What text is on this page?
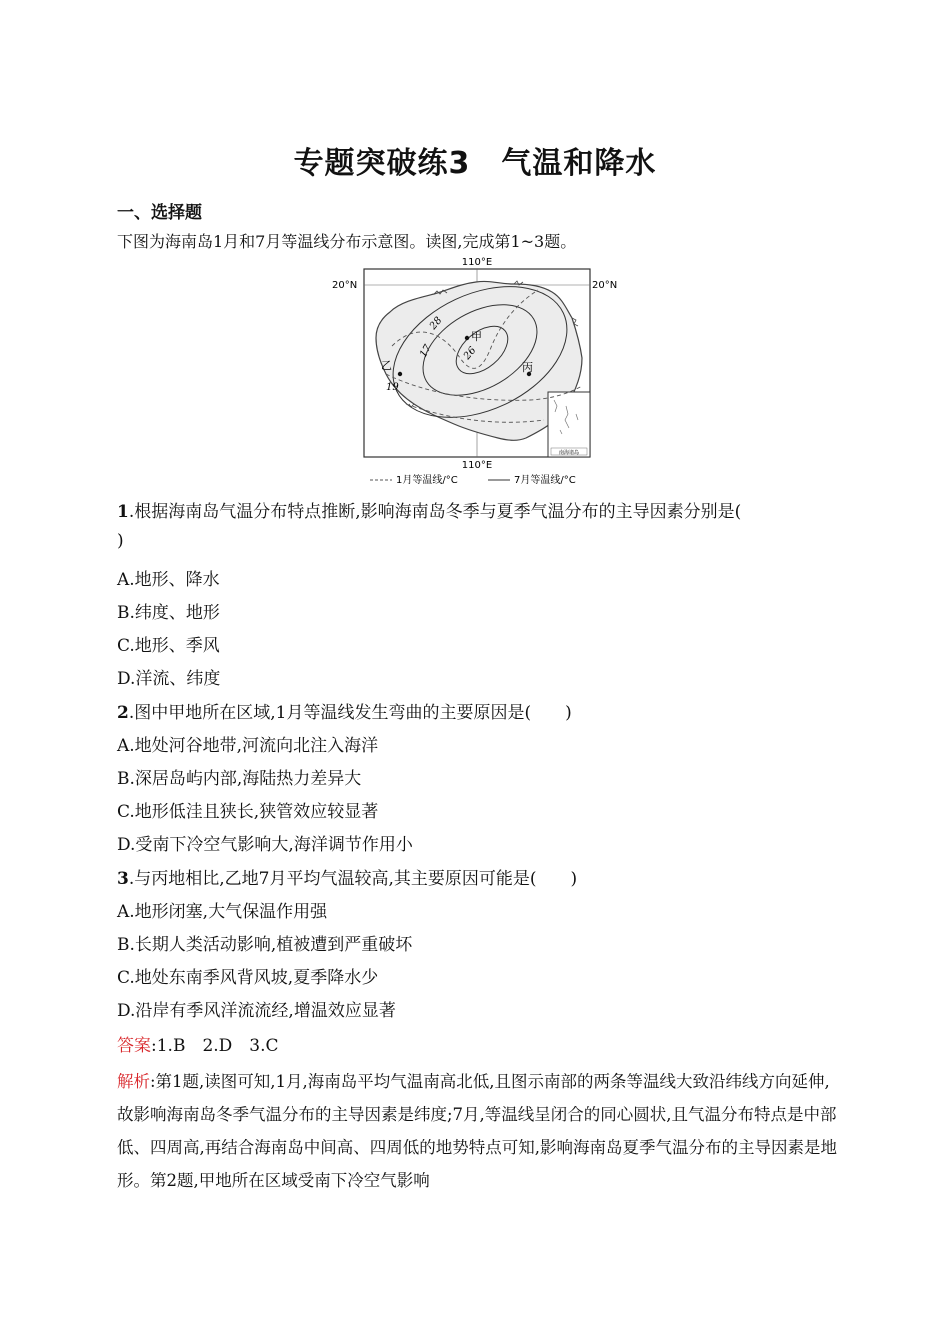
专题突破练3　气温和降水
一、选择题
下图为海南岛1月和7月等温线分布示意图。读图,完成第1~3题。
南海诸岛
甲
乙	丙
28
17	26
19
110°E
110°E
20°N	20°N
1月等温线/°C	7月等温线/°C
1.根据海南岛气温分布特点推断,影响海南岛冬季与夏季气温分布的主导因素分别是(
)
A.地形、降水
B.纬度、地形
C.地形、季风
D.洋流、纬度
2.图中甲地所在区域,1月等温线发生弯曲的主要原因是(　　)
A.地处河谷地带,河流向北注入海洋
B.深居岛屿内部,海陆热力差异大
C.地形低洼且狭长,狭管效应较显著
D.受南下冷空气影响大,海洋调节作用小
3.与丙地相比,乙地7月平均气温较高,其主要原因可能是(　　)
A.地形闭塞,大气保温作用强
B.长期人类活动影响,植被遭到严重破坏
C.地处东南季风背风坡,夏季降水少
D.沿岸有季风洋流流经,增温效应显著
答案:1.B　2.D　3.C
解析:第1题,读图可知,1月,海南岛平均气温南高北低,且图示南部的两条等温线大致沿纬线方向延伸,故影响海南岛冬季气温分布的主导因素是纬度;7月,等温线呈闭合的同心圆状,且气温分布特点是中部低、四周高,再结合海南岛中间高、四周低的地势特点可知,影响海南岛夏季气温分布的主导因素是地形。第2题,甲地所在区域受南下冷空气影响
